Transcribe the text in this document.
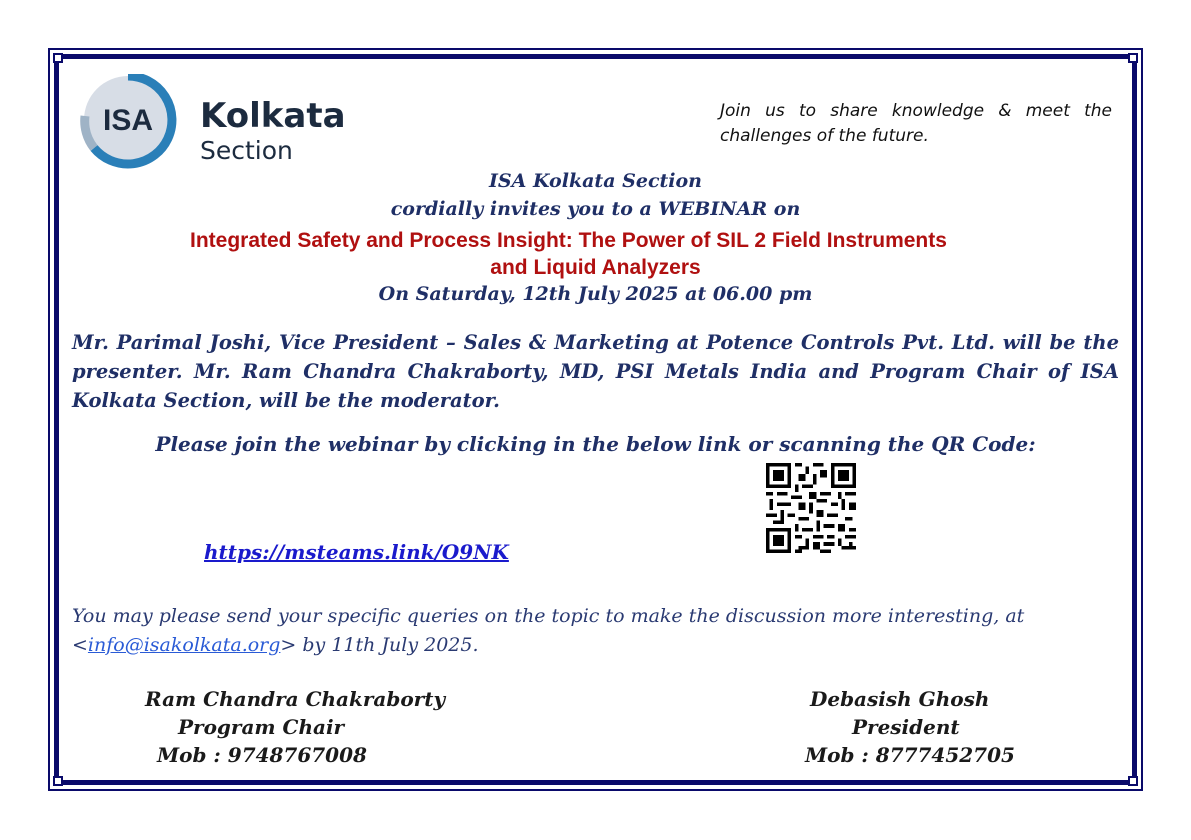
ISA Kolkata
Section
Join us to share knowledge & meet the challenges of the future.
ISA Kolkata Section
cordially invites you to a WEBINAR on
Integrated Safety and Process Insight: The Power of SIL 2 Field Instruments
and Liquid Analyzers
On Saturday, 12th July 2025 at 06.00 pm
Mr. Parimal Joshi, Vice President – Sales & Marketing at Potence Controls Pvt. Ltd. will be the presenter. Mr. Ram Chandra Chakraborty, MD, PSI Metals India and Program Chair of ISA Kolkata Section, will be the moderator.
Please join the webinar by clicking in the below link or scanning the QR Code:
https://msteams.link/O9NK
You may please send your specific queries on the topic to make the discussion more interesting, at <info@isakolkata.org> by 11th July 2025.
Ram Chandra Chakraborty
Program Chair
Mob : 9748767008
Debasish Ghosh
President
Mob : 8777452705
